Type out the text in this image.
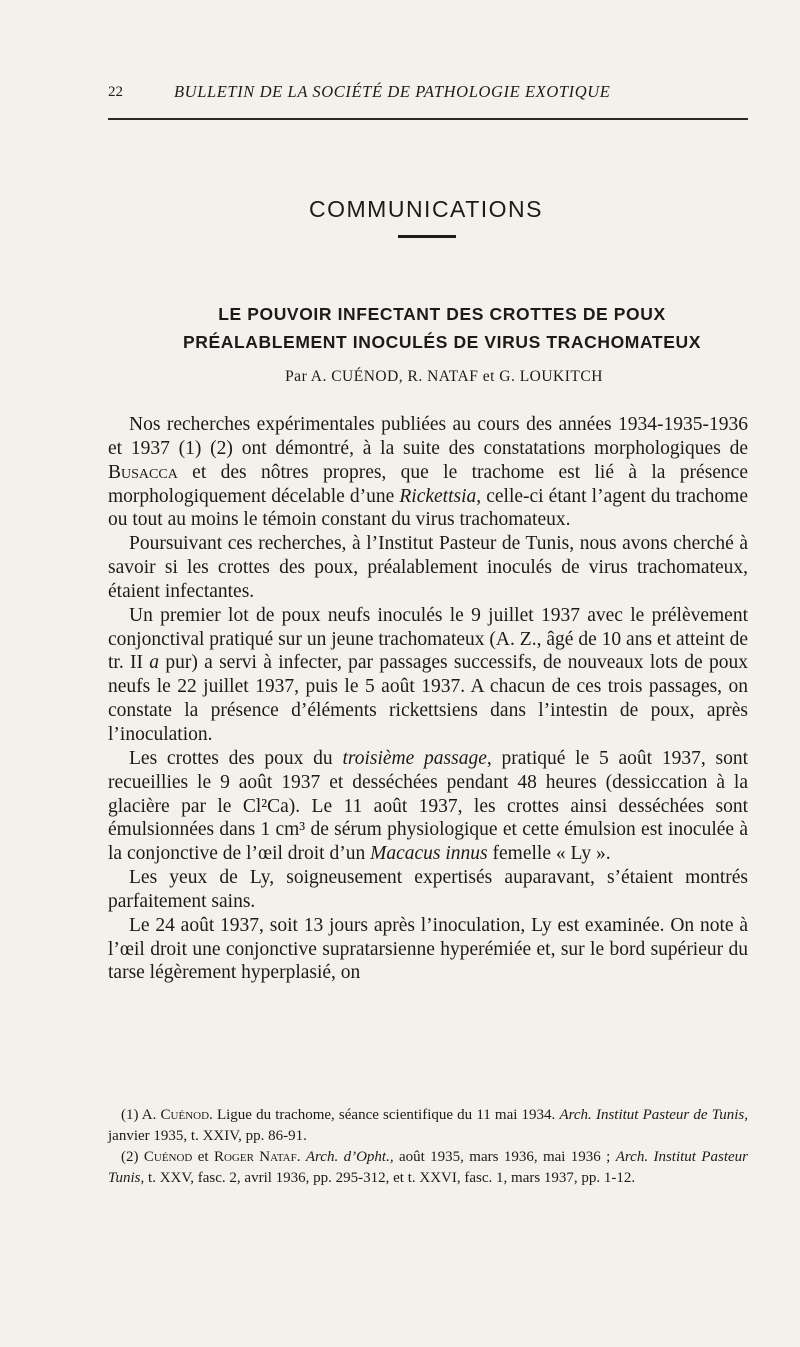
22	BULLETIN DE LA SOCIÉTÉ DE PATHOLOGIE EXOTIQUE
COMMUNICATIONS
LE POUVOIR INFECTANT DES CROTTES DE POUX
PRÉALABLEMENT INOCULÉS DE VIRUS TRACHOMATEUX
Par A. CUÉNOD, R. NATAF et G. LOUKITCH

Nos recherches expérimentales publiées au cours des années 1934-1935-1936 et 1937 (1) (2) ont démontré, à la suite des constatations morphologiques de Busacca et des nôtres propres, que le trachome est lié à la présence morphologiquement décelable d’une Rickettsia, celle-ci étant l’agent du trachome ou tout au moins le témoin constant du virus trachomateux.

Poursuivant ces recherches, à l’Institut Pasteur de Tunis, nous avons cherché à savoir si les crottes des poux, préalablement inoculés de virus trachomateux, étaient infectantes.

Un premier lot de poux neufs inoculés le 9 juillet 1937 avec le prélèvement conjonctival pratiqué sur un jeune trachomateux (A. Z., âgé de 10 ans et atteint de tr. II a pur) a servi à infecter, par passages successifs, de nouveaux lots de poux neufs le 22 juillet 1937, puis le 5 août 1937. A chacun de ces trois passages, on constate la présence d’éléments rickettsiens dans l’intestin de poux, après l’inoculation.

Les crottes des poux du troisième passage, pratiqué le 5 août 1937, sont recueillies le 9 août 1937 et desséchées pendant 48 heures (dessiccation à la glacière par le Cl²Ca). Le 11 août 1937, les crottes ainsi desséchées sont émulsionnées dans 1 cm³ de sérum physiologique et cette émulsion est inoculée à la conjonctive de l’œil droit d’un Macacus innus femelle « Ly ».

Les yeux de Ly, soigneusement expertisés auparavant, s’étaient montrés parfaitement sains.

Le 24 août 1937, soit 13 jours après l’inoculation, Ly est examinée. On note à l’œil droit une conjonctive supratarsienne hyperémiée et, sur le bord supérieur du tarse légèrement hyperplasié, on

(1) A. Cuénod. Ligue du trachome, séance scientifique du 11 mai 1934. Arch. Institut Pasteur de Tunis, janvier 1935, t. XXIV, pp. 86-91.

(2) Cuénod et Roger Nataf. Arch. d’Opht., août 1935, mars 1936, mai 1936 ; Arch. Institut Pasteur Tunis, t. XXV, fasc. 2, avril 1936, pp. 295-312, et t. XXVI, fasc. 1, mars 1937, pp. 1-12.
